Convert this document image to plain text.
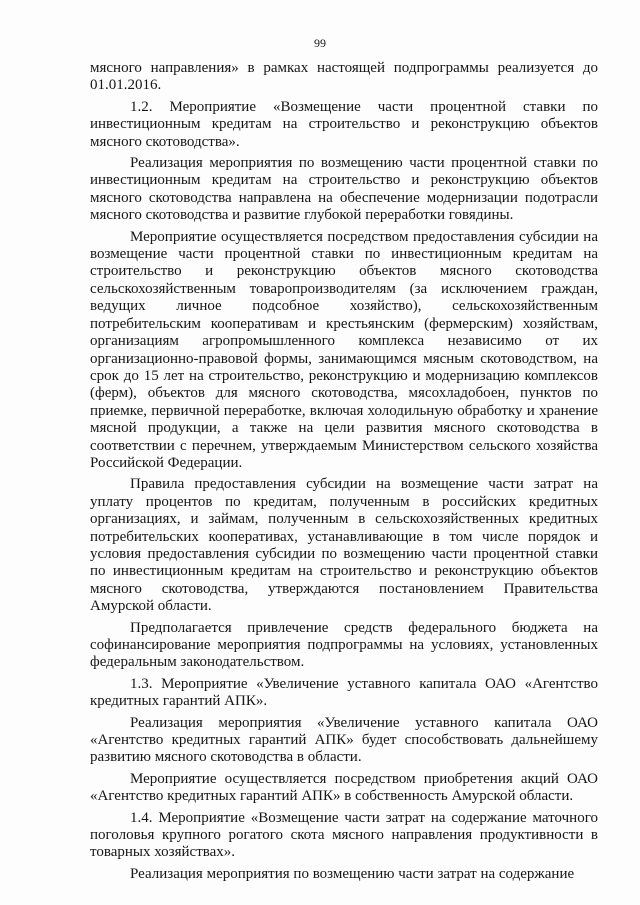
99

мясного направления» в рамках настоящей подпрограммы реализуется до 01.01.2016.

1.2. Мероприятие «Возмещение части процентной ставки по инвестиционным кредитам на строительство и реконструкцию объектов мясного скотоводства».

Реализация мероприятия по возмещению части процентной ставки по инвестиционным кредитам на строительство и реконструкцию объектов мясного скотоводства направлена на обеспечение модернизации подотрасли мясного скотоводства и развитие глубокой переработки говядины.

Мероприятие осуществляется посредством предоставления субсидии на возмещение части процентной ставки по инвестиционным кредитам на строительство и реконструкцию объектов мясного скотоводства сельскохозяйственным товаропроизводителям (за исключением граждан, ведущих личное подсобное хозяйство), сельскохозяйственным потребительским кооперативам и крестьянским (фермерским) хозяйствам, организациям агропромышленного комплекса независимо от их организационно-правовой формы, занимающимся мясным скотоводством, на срок до 15 лет на строительство, реконструкцию и модернизацию комплексов (ферм), объектов для мясного скотоводства, мясохладобоен, пунктов по приемке, первичной переработке, включая холодильную обработку и хранение мясной продукции, а также на цели развития мясного скотоводства в соответствии с перечнем, утверждаемым Министерством сельского хозяйства Российской Федерации.

Правила предоставления субсидии на возмещение части затрат на уплату процентов по кредитам, полученным в российских кредитных организациях, и займам, полученным в сельскохозяйственных кредитных потребительских кооперативах, устанавливающие в том числе порядок и условия предоставления субсидии по возмещению части процентной ставки по инвестиционным кредитам на строительство и реконструкцию объектов мясного скотоводства, утверждаются постановлением Правительства Амурской области.

Предполагается привлечение средств федерального бюджета на софинансирование мероприятия подпрограммы на условиях, установленных федеральным законодательством.

1.3. Мероприятие «Увеличение уставного капитала ОАО «Агентство кредитных гарантий АПК».

Реализация мероприятия «Увеличение уставного капитала ОАО «Агентство кредитных гарантий АПК» будет способствовать дальнейшему развитию мясного скотоводства в области.

Мероприятие осуществляется посредством приобретения акций ОАО «Агентство кредитных гарантий АПК» в собственность Амурской области.

1.4. Мероприятие «Возмещение части затрат на содержание маточного поголовья крупного рогатого скота мясного направления продуктивности в товарных хозяйствах».

Реализация мероприятия по возмещению части затрат на содержание
